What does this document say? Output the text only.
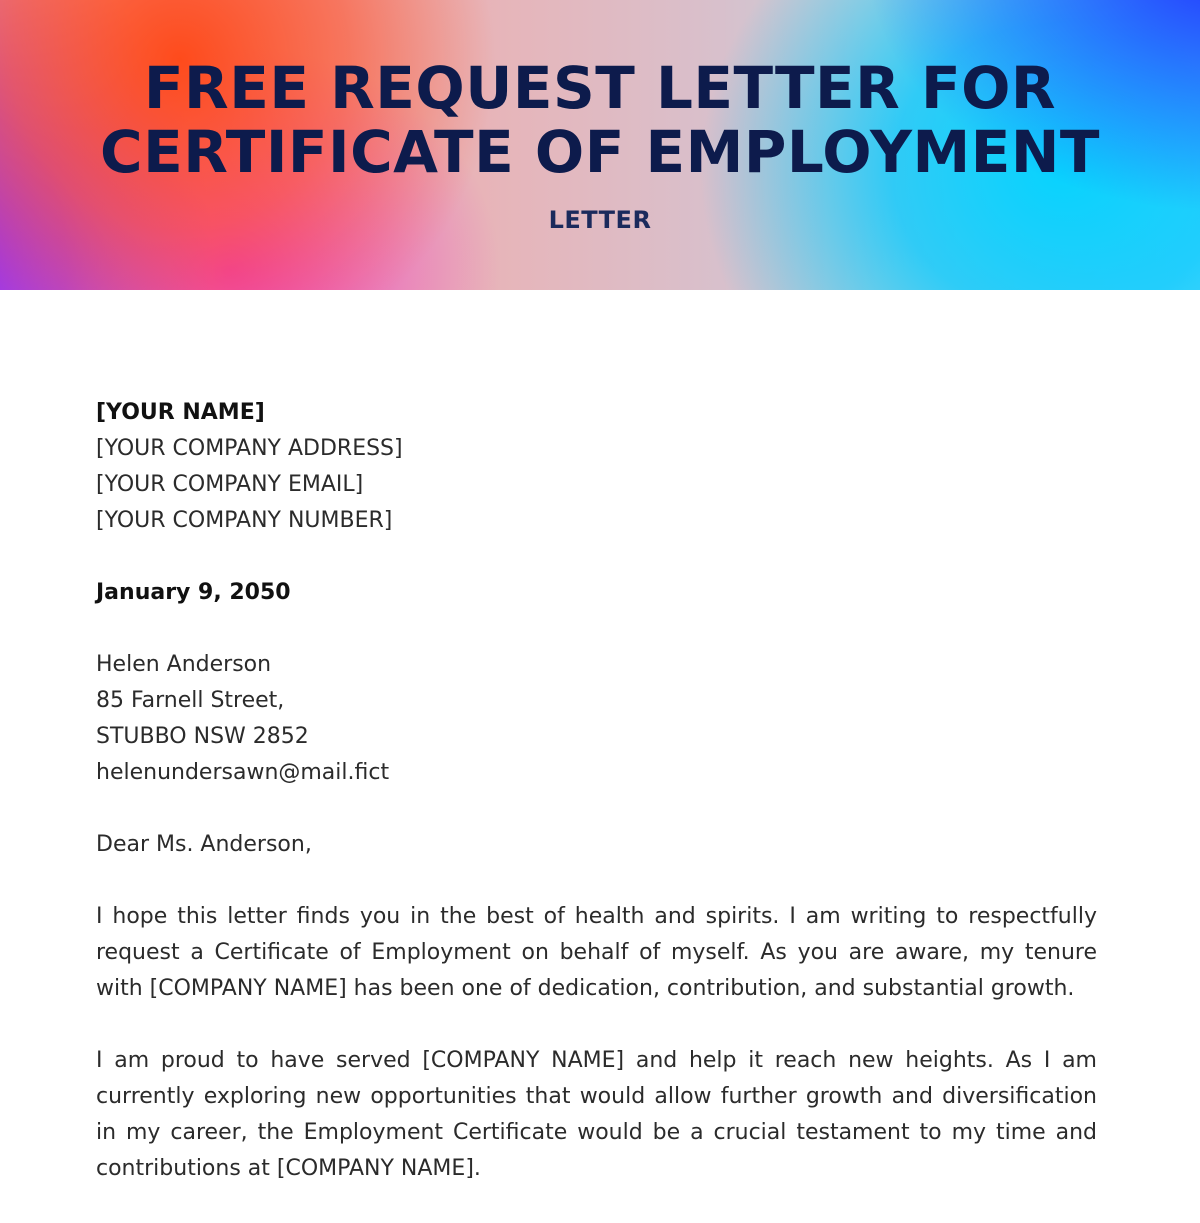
FREE REQUEST LETTER FOR CERTIFICATE OF EMPLOYMENT
LETTER
[YOUR NAME]
[YOUR COMPANY ADDRESS]
[YOUR COMPANY EMAIL]
[YOUR COMPANY NUMBER]
January 9, 2050
Helen Anderson
85 Farnell Street,
STUBBO NSW 2852
helenundersawn@mail.fict
Dear Ms. Anderson,

I hope this letter finds you in the best of health and spirits. I am writing to respectfully request a Certificate of Employment on behalf of myself. As you are aware, my tenure with [COMPANY NAME] has been one of dedication, contribution, and substantial growth.

I am proud to have served [COMPANY NAME] and help it reach new heights. As I am currently exploring new opportunities that would allow further growth and diversification in my career, the Employment Certificate would be a crucial testament to my time and contributions at [COMPANY NAME].
